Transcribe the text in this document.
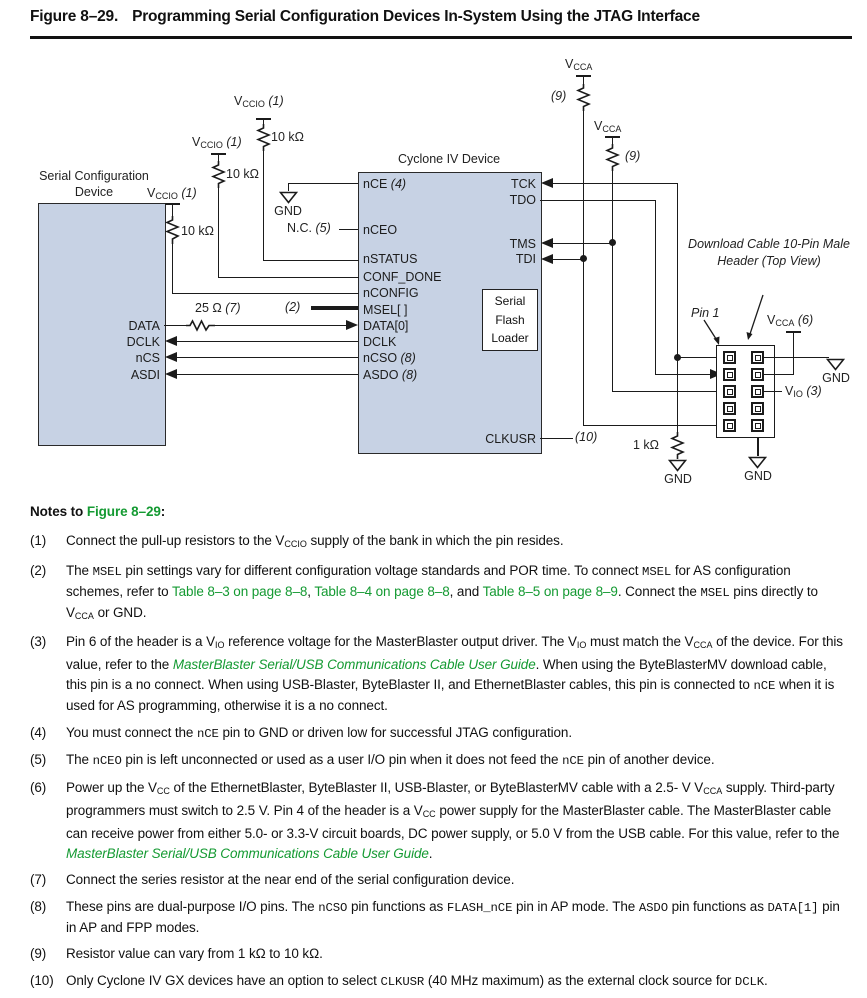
Figure 8–29. Programming Serial Configuration Devices In-System Using the JTAG Interface
Serial Configuration
Device
DATA
DCLK
nCS
ASDI
Cyclone IV Device
nCE (4)
nCEO
nSTATUS
CONF_DONE
nCONFIG
MSEL[ ]
DATA[0]
DCLK
nCSO (8)
ASDO (8)
TCK
TDO
TMS
TDI
CLKUSR
Serial
Flash
Loader
VCCIO (1)
10 kΩ
VCCIO (1)
10 kΩ
VCCIO (1)
10 kΩ
GND
N.C. (5)
(2)
25 Ω (7)
VCCA
(9)
VCCA
(9)
(10)
1 kΩ
GND
Download Cable 10-Pin Male
Header (Top View)
Pin 1	VCCA (6)
GND
VIO (3)
GND
Notes to Figure 8–29:
(1)	Connect the pull-up resistors to the VCCIO supply of the bank in which the pin resides.
(2)	The MSEL pin settings vary for different configuration voltage standards and POR time. To connect MSEL for AS configuration schemes, refer to Table 8–3 on page 8–8, Table 8–4 on page 8–8, and Table 8–5 on page 8–9. Connect the MSEL pins directly to VCCA or GND.
(3)	Pin 6 of the header is a VIO reference voltage for the MasterBlaster output driver. The VIO must match the VCCA of the device. For this value, refer to the MasterBlaster Serial/USB Communications Cable User Guide. When using the ByteBlasterMV download cable, this pin is a no connect. When using USB-Blaster, ByteBlaster II, and EthernetBlaster cables, this pin is connected to nCE when it is used for AS programming, otherwise it is a no connect.
(4)	You must connect the nCE pin to GND or driven low for successful JTAG configuration.
(5)	The nCEO pin is left unconnected or used as a user I/O pin when it does not feed the nCE pin of another device.
(6)	Power up the VCC of the EthernetBlaster, ByteBlaster II, USB-Blaster, or ByteBlasterMV cable with a 2.5- V VCCA supply. Third-party programmers must switch to 2.5 V. Pin 4 of the header is a VCC power supply for the MasterBlaster cable. The MasterBlaster cable can receive power from either 5.0- or 3.3-V circuit boards, DC power supply, or 5.0 V from the USB cable. For this value, refer to the MasterBlaster Serial/USB Communications Cable User Guide.
(7)	Connect the series resistor at the near end of the serial configuration device.
(8)	These pins are dual-purpose I/O pins. The nCSO pin functions as FLASH_nCE pin in AP mode. The ASDO pin functions as DATA[1] pin in AP and FPP modes.
(9)	Resistor value can vary from 1 kΩ to 10 kΩ.
(10) Only Cyclone IV GX devices have an option to select CLKUSR (40 MHz maximum) as the external clock source for DCLK.
